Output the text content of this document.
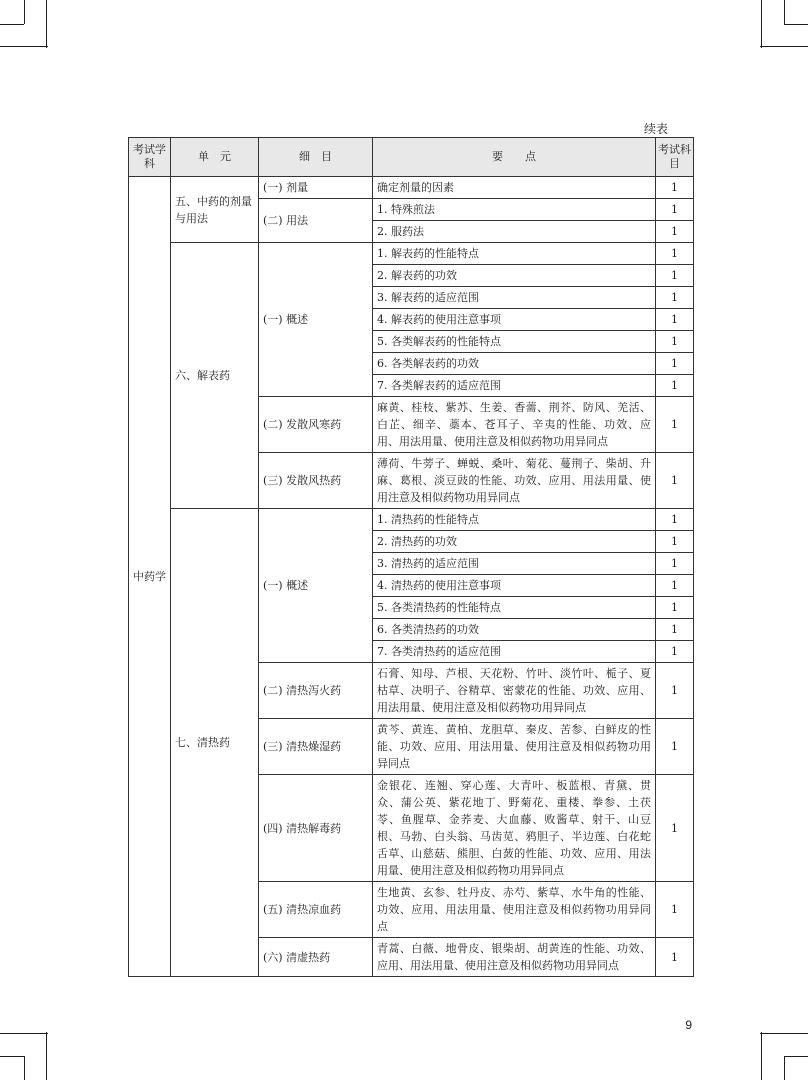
续表
考试学科	单　元	细　目	要　　点	考试科目
中药学	五、中药的剂量与用法	(一) 剂量	确定剂量的因素	1
		(二) 用法	1. 特殊煎法	1
			2. 服药法	1
	六、解表药	(一) 概述	1. 解表药的性能特点	1
			2. 解表药的功效	1
			3. 解表药的适应范围	1
			4. 解表药的使用注意事项	1
			5. 各类解表药的性能特点	1
			6. 各类解表药的功效	1
			7. 各类解表药的适应范围	1
		(二) 发散风寒药	麻黄、桂枝、紫苏、生姜、香薷、荆芥、防风、羌活、白芷、细辛、藁本、苍耳子、辛夷的性能、功效、应用、用法用量、使用注意及相似药物功用异同点	1
		(三) 发散风热药	薄荷、牛蒡子、蝉蜕、桑叶、菊花、蔓荆子、柴胡、升麻、葛根、淡豆豉的性能、功效、应用、用法用量、使用注意及相似药物功用异同点	1
	七、清热药	(一) 概述	1. 清热药的性能特点	1
			2. 清热药的功效	1
			3. 清热药的适应范围	1
			4. 清热药的使用注意事项	1
			5. 各类清热药的性能特点	1
			6. 各类清热药的功效	1
			7. 各类清热药的适应范围	1
		(二) 清热泻火药	石膏、知母、芦根、天花粉、竹叶、淡竹叶、栀子、夏枯草、决明子、谷精草、密蒙花的性能、功效、应用、用法用量、使用注意及相似药物功用异同点	1
		(三) 清热燥湿药	黄芩、黄连、黄柏、龙胆草、秦皮、苦参、白鲜皮的性能、功效、应用、用法用量、使用注意及相似药物功用异同点	1
		(四) 清热解毒药	金银花、连翘、穿心莲、大青叶、板蓝根、青黛、贯众、蒲公英、紫花地丁、野菊花、重楼、拳参、土茯苓、鱼腥草、金荞麦、大血藤、败酱草、射干、山豆根、马勃、白头翁、马齿苋、鸦胆子、半边莲、白花蛇舌草、山慈菇、熊胆、白蔹的性能、功效、应用、用法用量、使用注意及相似药物功用异同点	1
		(五) 清热凉血药	生地黄、玄参、牡丹皮、赤芍、紫草、水牛角的性能、功效、应用、用法用量、使用注意及相似药物功用异同点	1
		(六) 清虚热药	青蒿、白薇、地骨皮、银柴胡、胡黄连的性能、功效、应用、用法用量、使用注意及相似药物功用异同点	1
9
